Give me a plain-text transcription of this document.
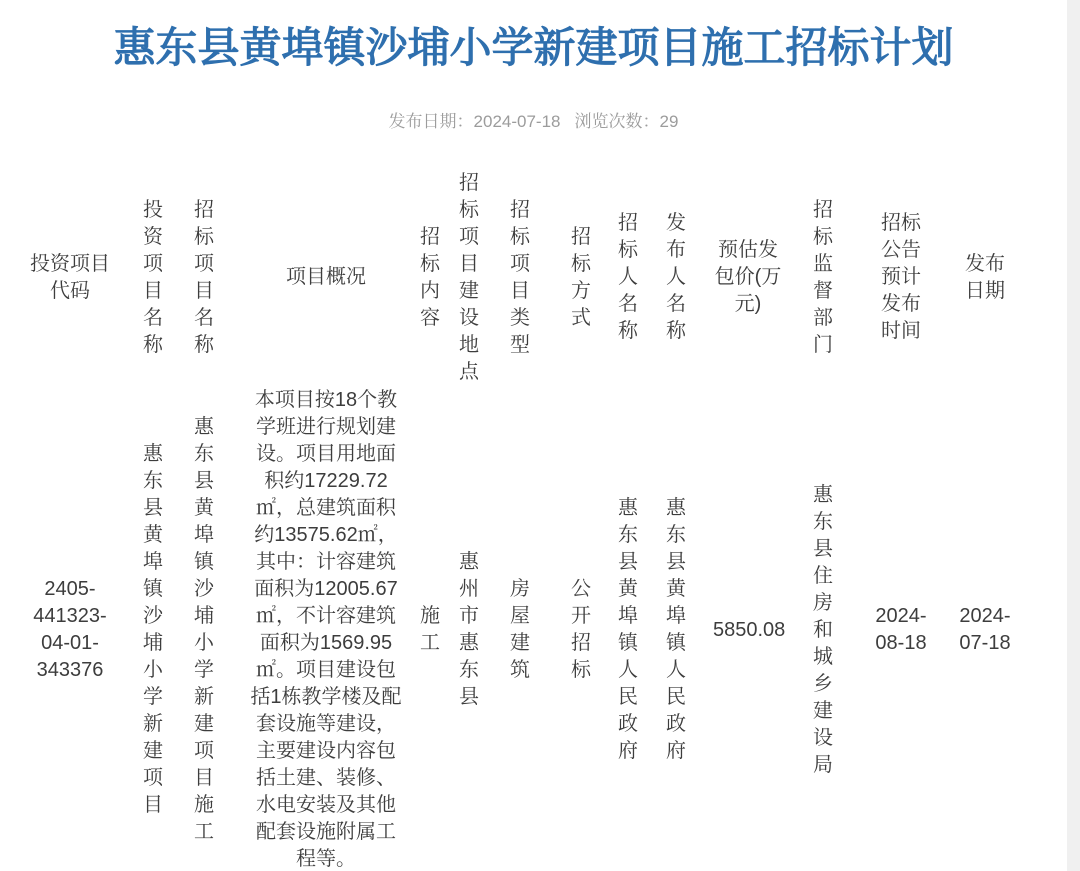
惠东县黄埠镇沙埔小学新建项目施工招标计划
发布日期：2024-07-18 浏览次数：29
投资项目代码
投资项目名称
招标项目名称
项目概况
招标内容
招标项目建设地点
招标项目类型
招标方式
招标人名称
发布人名称
预估发包价(万元)
招标监督部门
招标公告预计发布时间
发布日期
2405-441323-04-01-343376
惠东县黄埠镇沙埔小学新建项目
惠东县黄埠镇沙埔小学新建项目施工
本项目按18个教学班进行规划建设。项目用地面积约17229.72㎡，总建筑面积约13575.62㎡，其中：计容建筑面积为12005.67㎡，不计容建筑面积为1569.95㎡。项目建设包括1栋教学楼及配套设施等建设，主要建设内容包括土建、装修、水电安装及其他配套设施附属工程等。
施工
惠州市惠东县
房屋建筑
公开招标
惠东县黄埠镇人民政府
惠东县黄埠镇人民政府
5850.08
惠东县住房和城乡建设局
2024-08-18
2024-07-18
